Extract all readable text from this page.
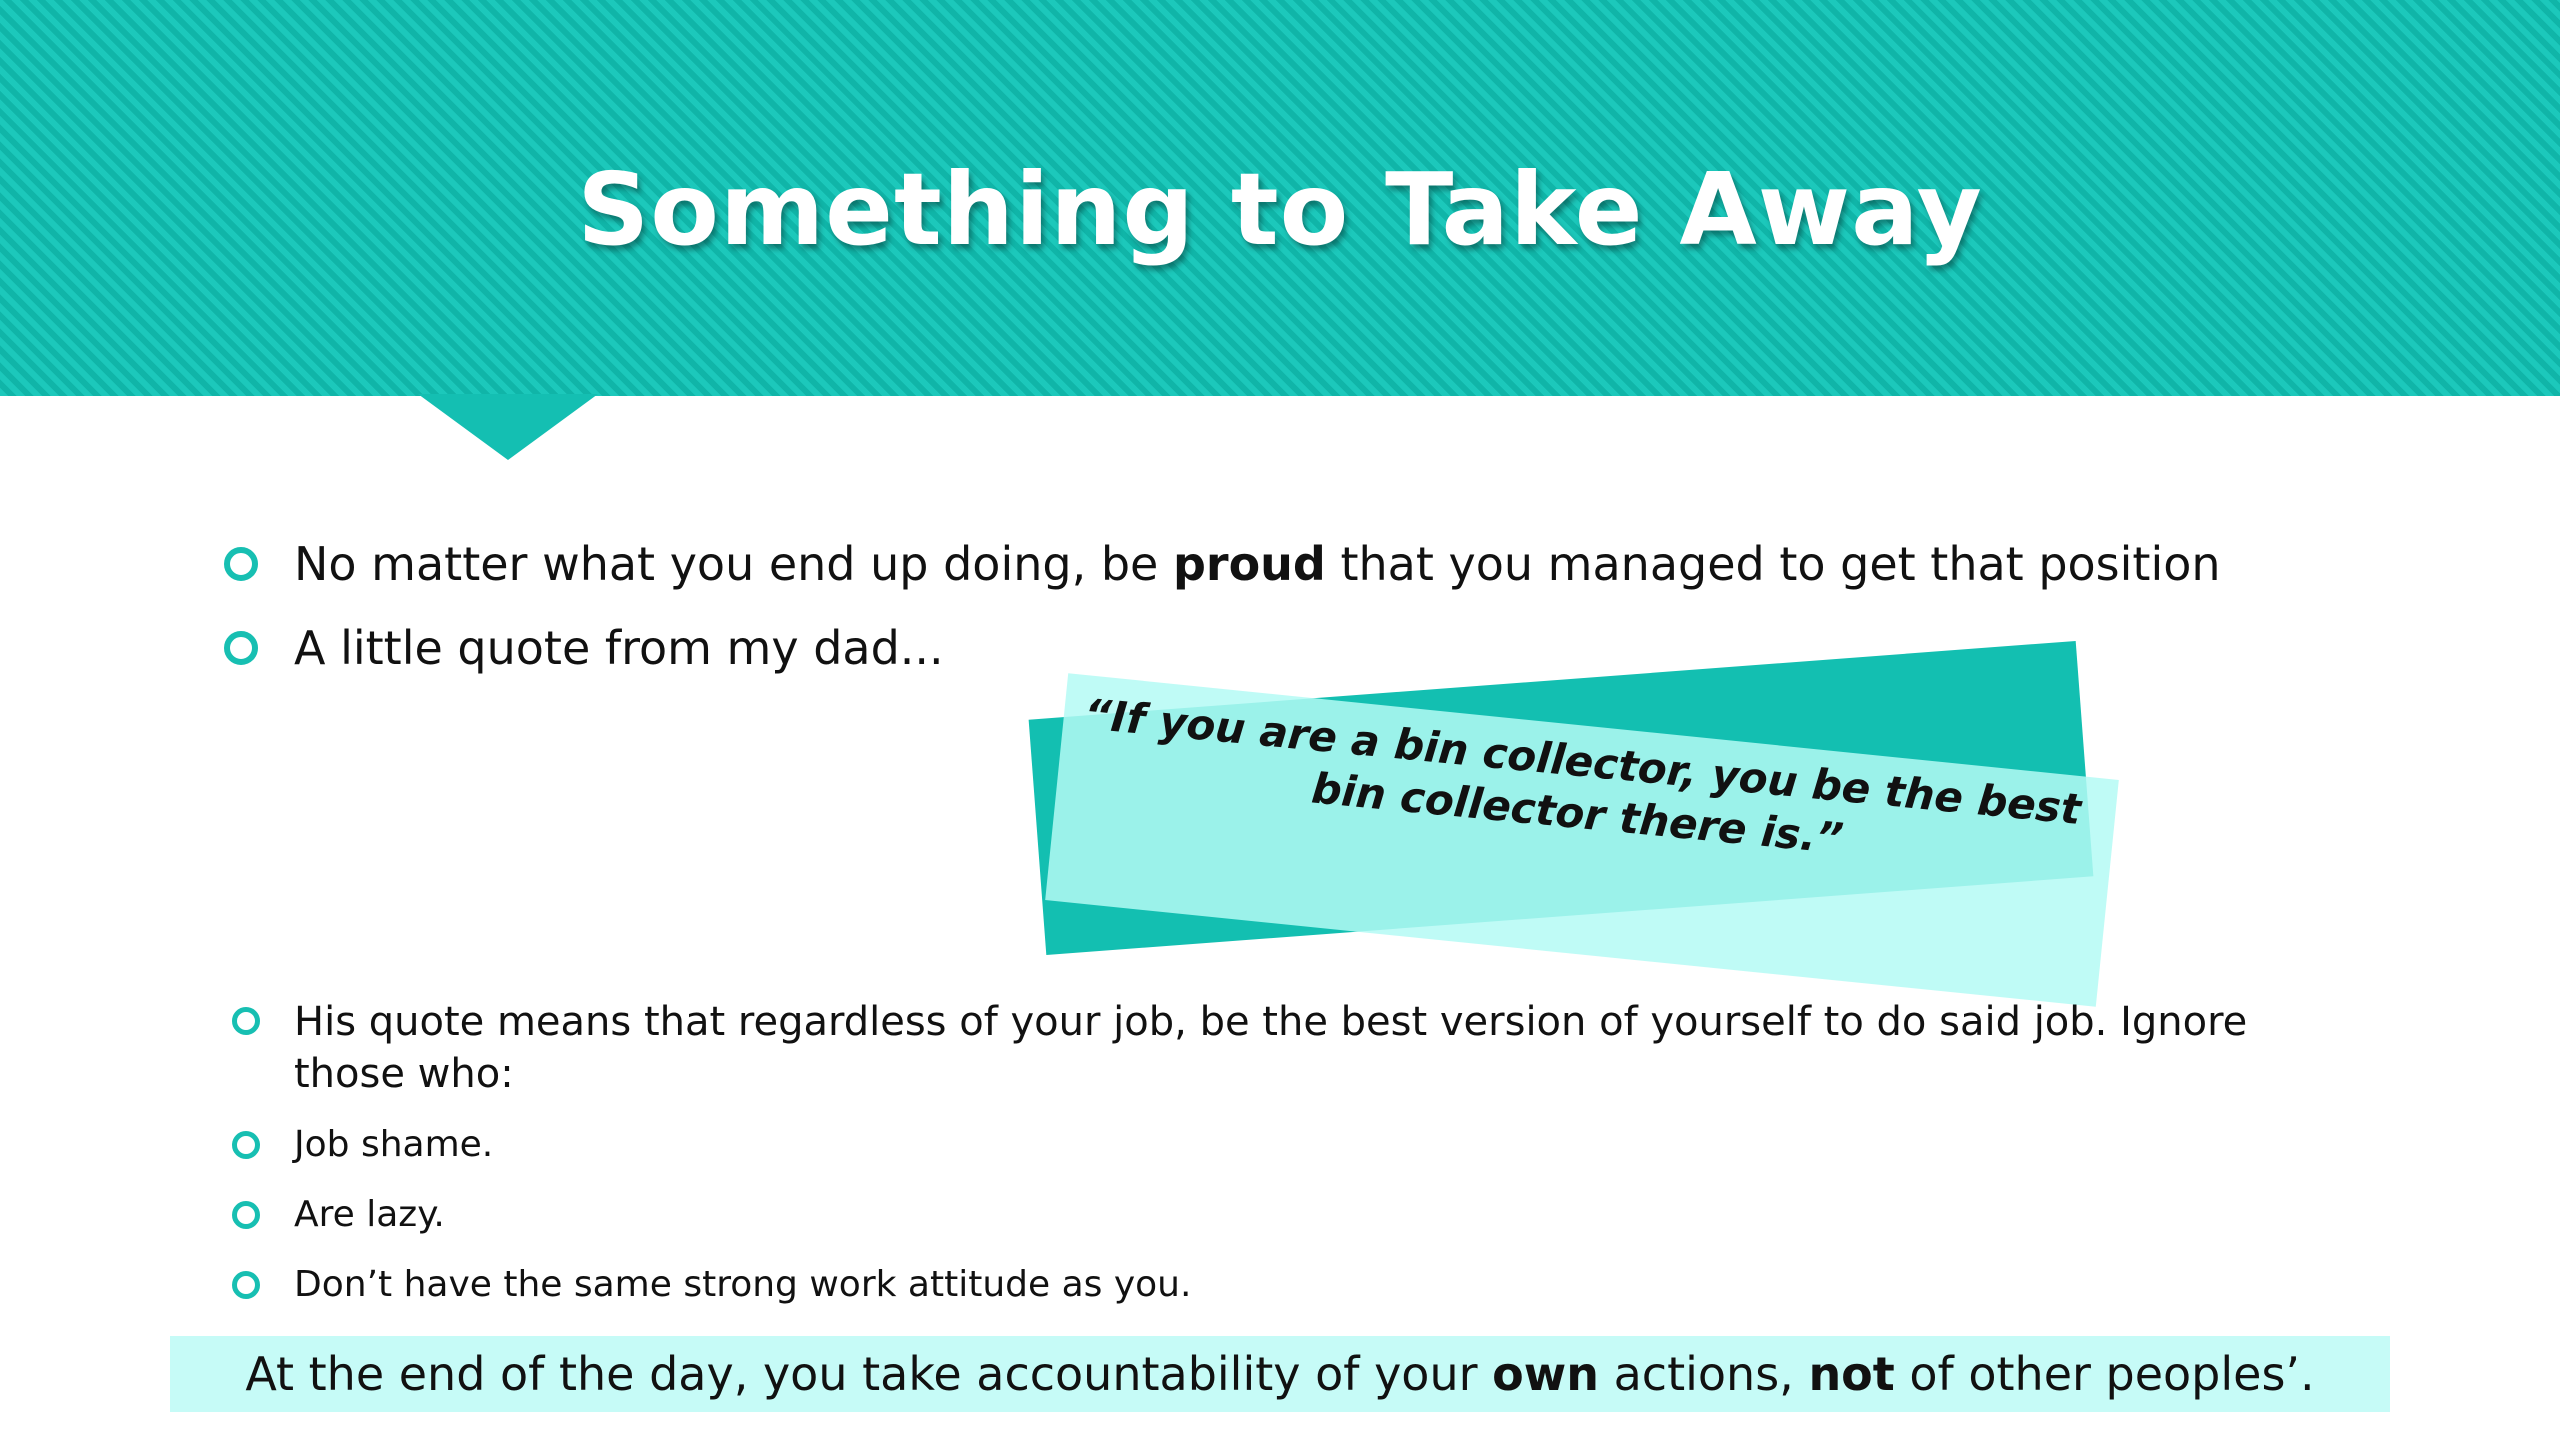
Something to Take Away
No matter what you end up doing, be proud that you managed to get that position
A little quote from my dad...
“If you are a bin collector, you be the best bin collector there is.”
His quote means that regardless of your job, be the best version of yourself to do said job. Ignore those who:
Job shame.
Are lazy.
Don’t have the same strong work attitude as you.
At the end of the day, you take accountability of your own actions, not of other peoples’.
